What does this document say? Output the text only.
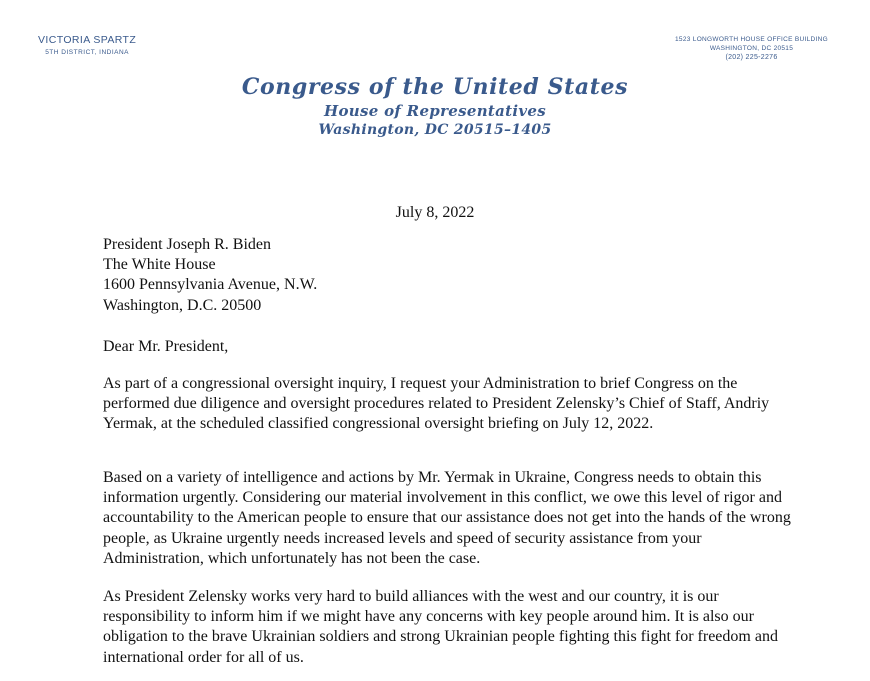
VICTORIA SPARTZ
5TH DISTRICT, INDIANA
1523 LONGWORTH HOUSE OFFICE BUILDING
WASHINGTON, DC 20515
(202) 225-2276
Congress of the United States
House of Representatives
Washington, DC 20515–1405
July 8, 2022
President Joseph R. Biden
The White House
1600 Pennsylvania Avenue, N.W.
Washington, D.C. 20500
Dear Mr. President,

As part of a congressional oversight inquiry, I request your Administration to brief Congress on the performed due diligence and oversight procedures related to President Zelensky’s Chief of Staff, Andriy Yermak, at the scheduled classified congressional oversight briefing on July 12, 2022.

Based on a variety of intelligence and actions by Mr. Yermak in Ukraine, Congress needs to obtain this information urgently. Considering our material involvement in this conflict, we owe this level of rigor and accountability to the American people to ensure that our assistance does not get into the hands of the wrong people, as Ukraine urgently needs increased levels and speed of security assistance from your Administration, which unfortunately has not been the case.

As President Zelensky works very hard to build alliances with the west and our country, it is our responsibility to inform him if we might have any concerns with key people around him. It is also our obligation to the brave Ukrainian soldiers and strong Ukrainian people fighting this fight for freedom and international order for all of us.
